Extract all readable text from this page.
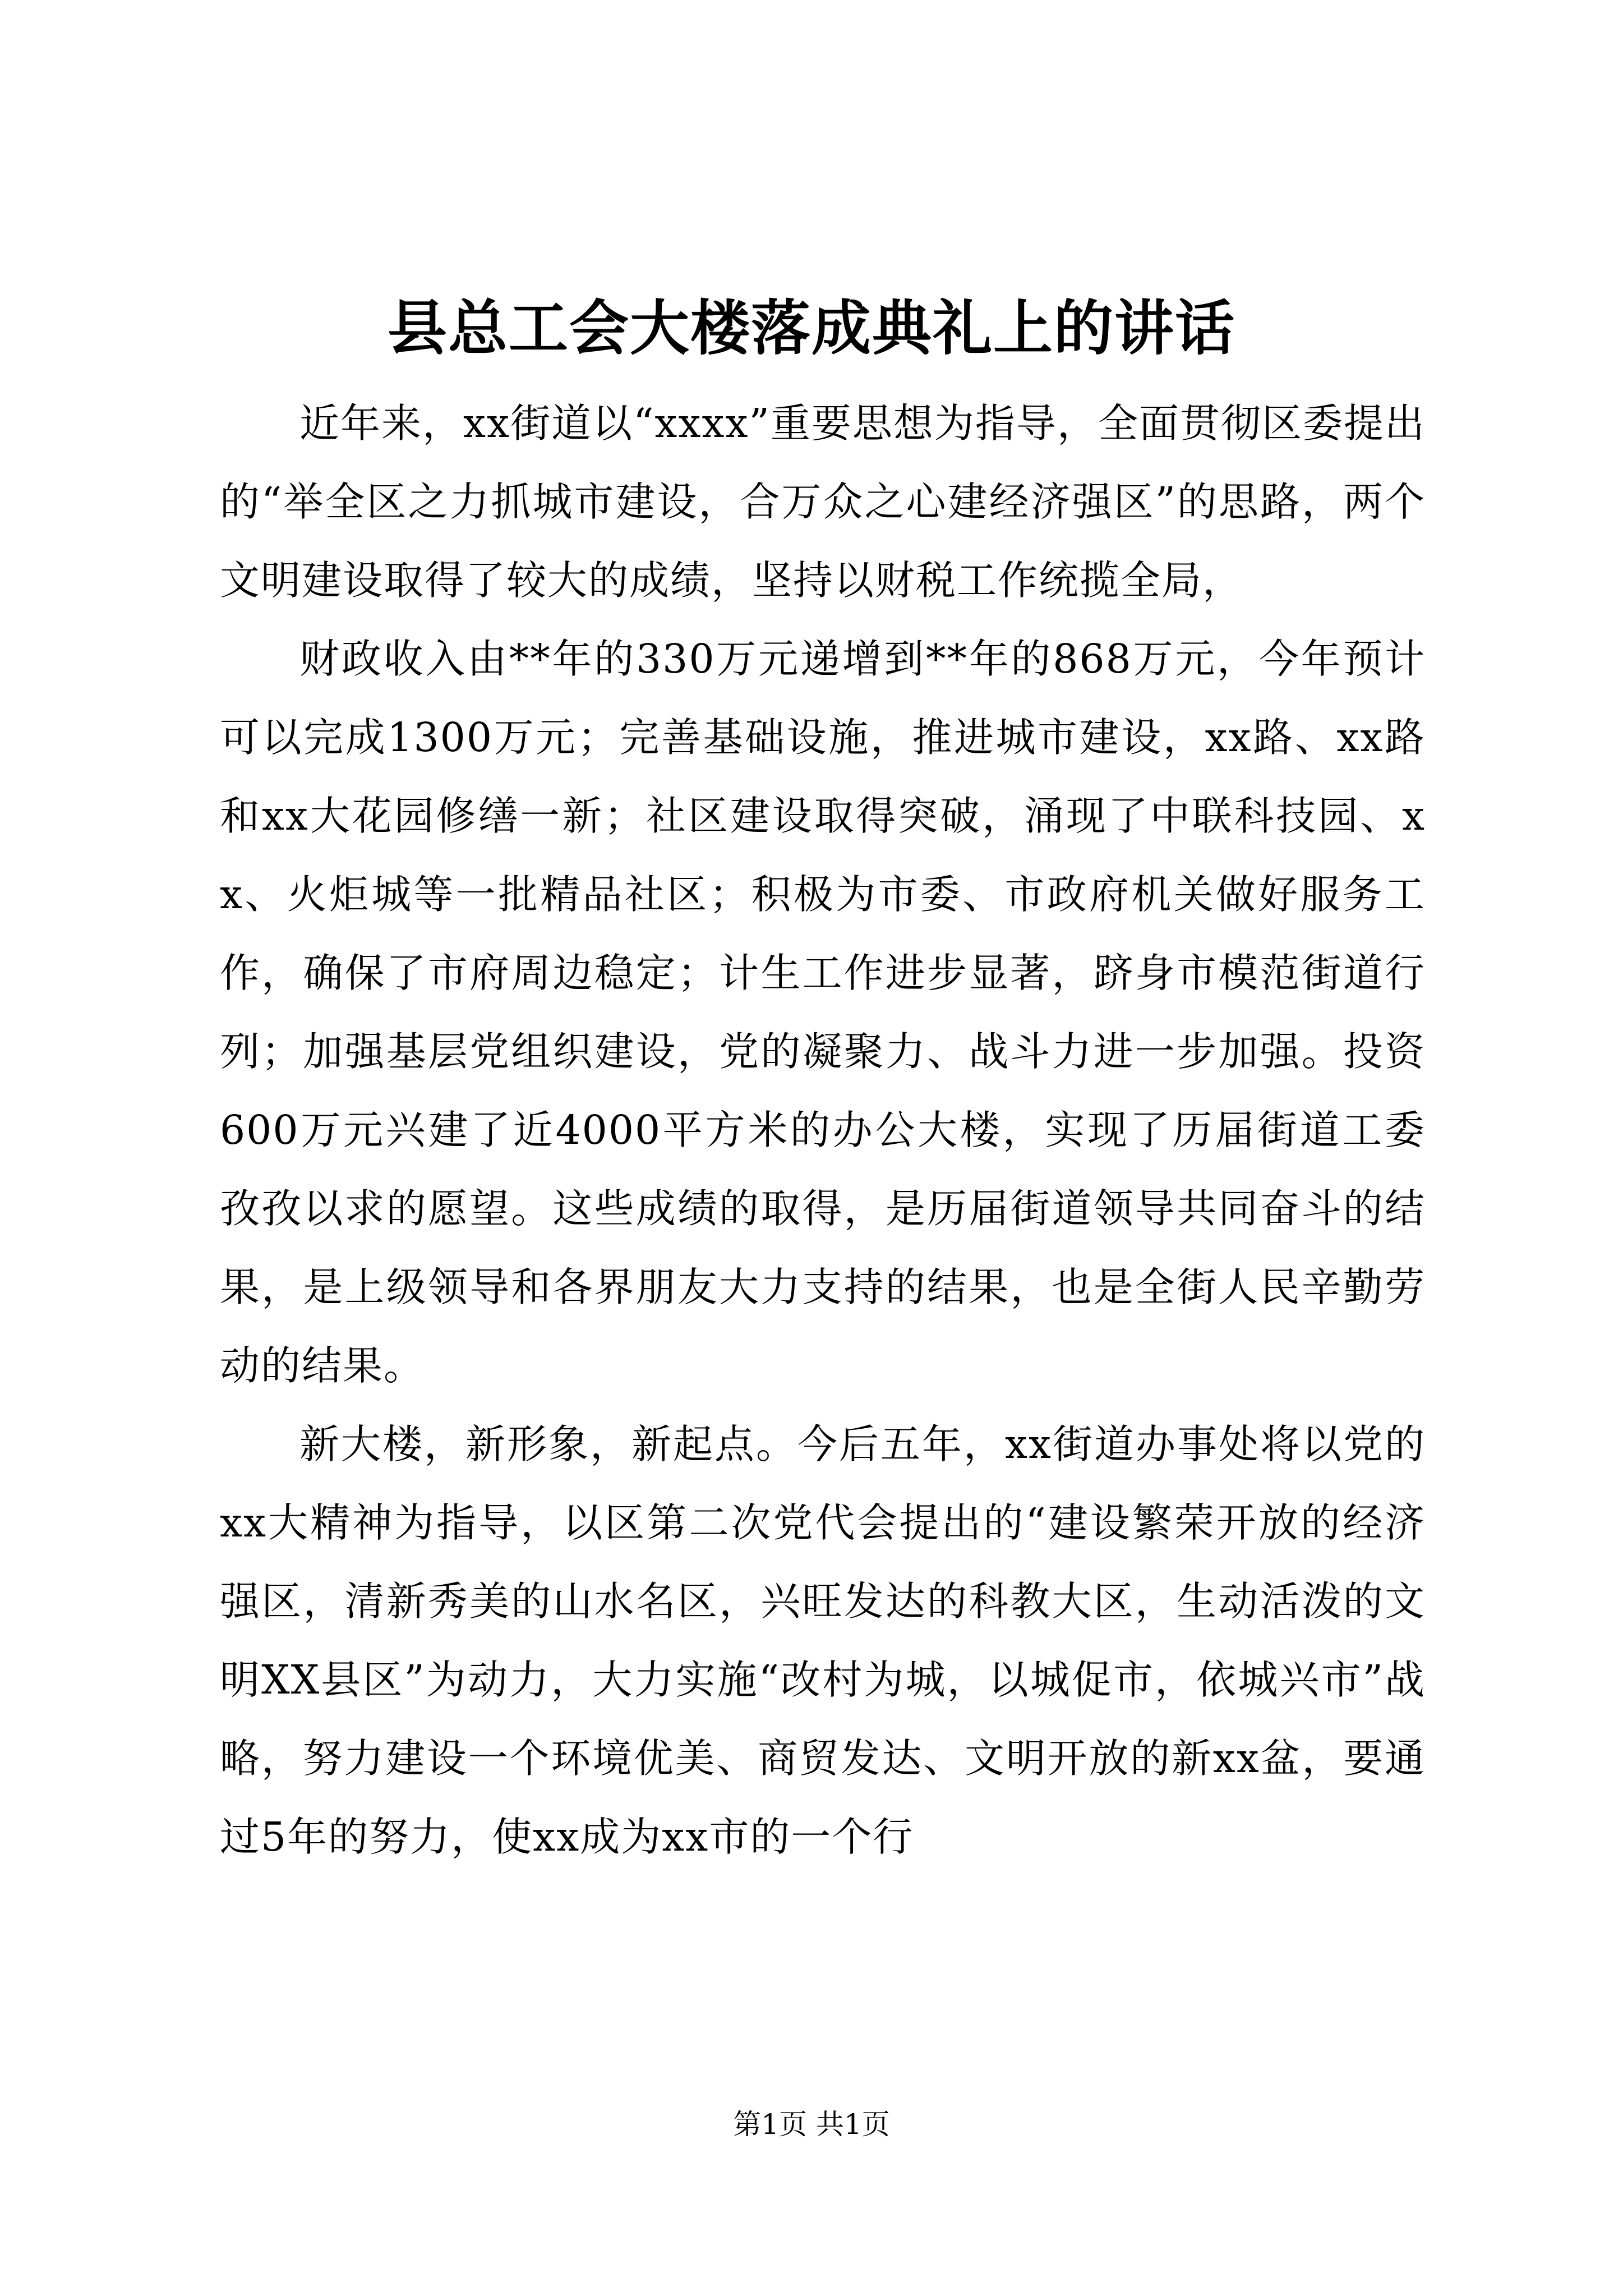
县总工会大楼落成典礼上的讲话

近年来，xx街道以“xxxx”重要思想为指导，全面贯彻区委提出的“举全区之力抓城市建设，合万众之心建经济强区”的思路，两个文明建设取得了较大的成绩，坚持以财税工作统揽全局，

财政收入由**年的330万元递增到**年的868万元，今年预计可以完成1300万元；完善基础设施，推进城市建设，xx路、xx路和xx大花园修缮一新；社区建设取得突破，涌现了中联科技园、xx、火炬城等一批精品社区；积极为市委、市政府机关做好服务工作，确保了市府周边稳定；计生工作进步显著，跻身市模范街道行列；加强基层党组织建设，党的凝聚力、战斗力进一步加强。投资600万元兴建了近4000平方米的办公大楼，实现了历届街道工委孜孜以求的愿望。这些成绩的取得，是历届街道领导共同奋斗的结果，是上级领导和各界朋友大力支持的结果，也是全街人民辛勤劳动的结果。

新大楼，新形象，新起点。今后五年，xx街道办事处将以党的xx大精神为指导，以区第二次党代会提出的“建设繁荣开放的经济强区，清新秀美的山水名区，兴旺发达的科教大区，生动活泼的文明XX县区”为动力，大力实施“改村为城，以城促市，依城兴市”战略，努力建设一个环境优美、商贸发达、文明开放的新xx盆，要通过5年的努力，使xx成为xx市的一个行

第1页 共1页
